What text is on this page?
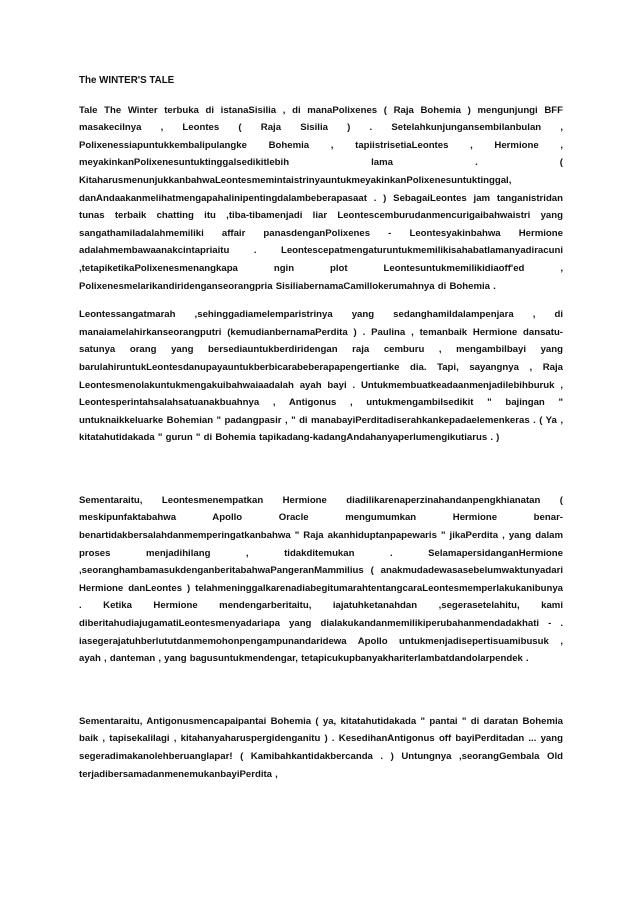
The WINTER'S TALE

Tale The Winter terbuka di istanaSisilia , di manaPolixenes ( Raja Bohemia ) mengunjungi BFF masakecilnya , Leontes ( Raja Sisilia ) . Setelahkunjungansembilanbulan , Polixenessiapuntukkembalipulangke Bohemia , tapiistrisetiaLeontes , Hermione , meyakinkanPolixenesuntuktinggalsedikitlebih lama . ( KitaharusmenunjukkanbahwaLeontesmemintaistrinyauntukmeyakinkanPolixenesuntuktinggal, danAndaakanmelihatmengapahalinipentingdalambeberapasaat . ) SebagaiLeontes jam tanganistridan tunas terbaik chatting itu ,tiba-tibamenjadi liar Leontescemburudanmencurigaibahwaistri yang sangathamiladalahmemiliki affair panasdenganPolixenes - Leontesyakinbahwa Hermione adalahmembawaanakcintapriaitu . Leontescepatmengaturuntukmemilikisahabatlamanyadiracuni ,tetapiketikaPolixenesmenangkapa ngin plot Leontesuntukmemilikidiaoff'ed , Polixenesmelarikandiridenganseorangpria SisiliabernamaCamillokerumahnya di Bohemia .

Leontessangatmarah ,sehinggadiamelemparistrinya yang sedanghamildalampenjara , di manaiamelahirkanseorangputri (kemudianbernamaPerdita ) . Paulina , temanbaik Hermione dansatu-satunya orang yang bersediauntukberdiridengan raja cemburu , mengambilbayi yang barulahiruntukLeontesdanupayauntukberbicarabeberapapengertianke dia. Tapi, sayangnya , Raja Leontesmenolakuntukmengakuibahwaiaadalah ayah bayi . Untukmembuatkeadaanmenjadilebihburuk , Leontesperintahsalahsatuanakbuahnya , Antigonus , untukmengambilsedikit " bajingan " untuknaikkeluarke Bohemian " padangpasir , " di manabayiPerditadiserahkankepadaelemenkeras . ( Ya , kitatahutidakada " gurun " di Bohemia tapikadang-kadangAndahanyaperlumengikutiarus . )

Sementaraitu, Leontesmenempatkan Hermione diadilikarenaperzinahandanpengkhianatan ( meskipunfaktabahwa Apollo Oracle mengumumkan Hermione benar-benartidakbersalahdanmemperingatkanbahwa " Raja akanhiduptanpapewaris " jikaPerdita , yang dalam proses menjadihilang , tidakditemukan . SelamapersidanganHermione ,seoranghambamasukdenganberitabahwaPangeranMammilius ( anakmudadewasasebelumwaktunyadari Hermione danLeontes ) telahmeninggalkarenadiabegitumarahtentangcaraLeontesmemperlakukanibunya . Ketika Hermione mendengarberitaitu, iajatuhketanahdan ,segerasetelahitu, kami diberitahudiajugamatiLeontesmenyadariapa yang dialakukandanmemilikiperubahanmendadakhati - . iasegerajatuhberlututdanmemohonpengampunandaridewa Apollo untukmenjadisepertisuamibusuk , ayah , danteman , yang bagusuntukmendengar, tetapicukupbanyakhariterlambatdandolarpendek .

Sementaraitu, Antigonusmencapaipantai Bohemia ( ya, kitatahutidakada " pantai " di daratan Bohemia baik , tapisekalilagi , kitahanyaharuspergidenganitu ) . KesedihanAntigonus off bayiPerditadan ... yang segeradimakanolehberuanglapar! ( Kamibahkantidakbercanda . ) Untungnya ,seorangGembala Old terjadibersamadanmenemukanbayiPerdita ,
